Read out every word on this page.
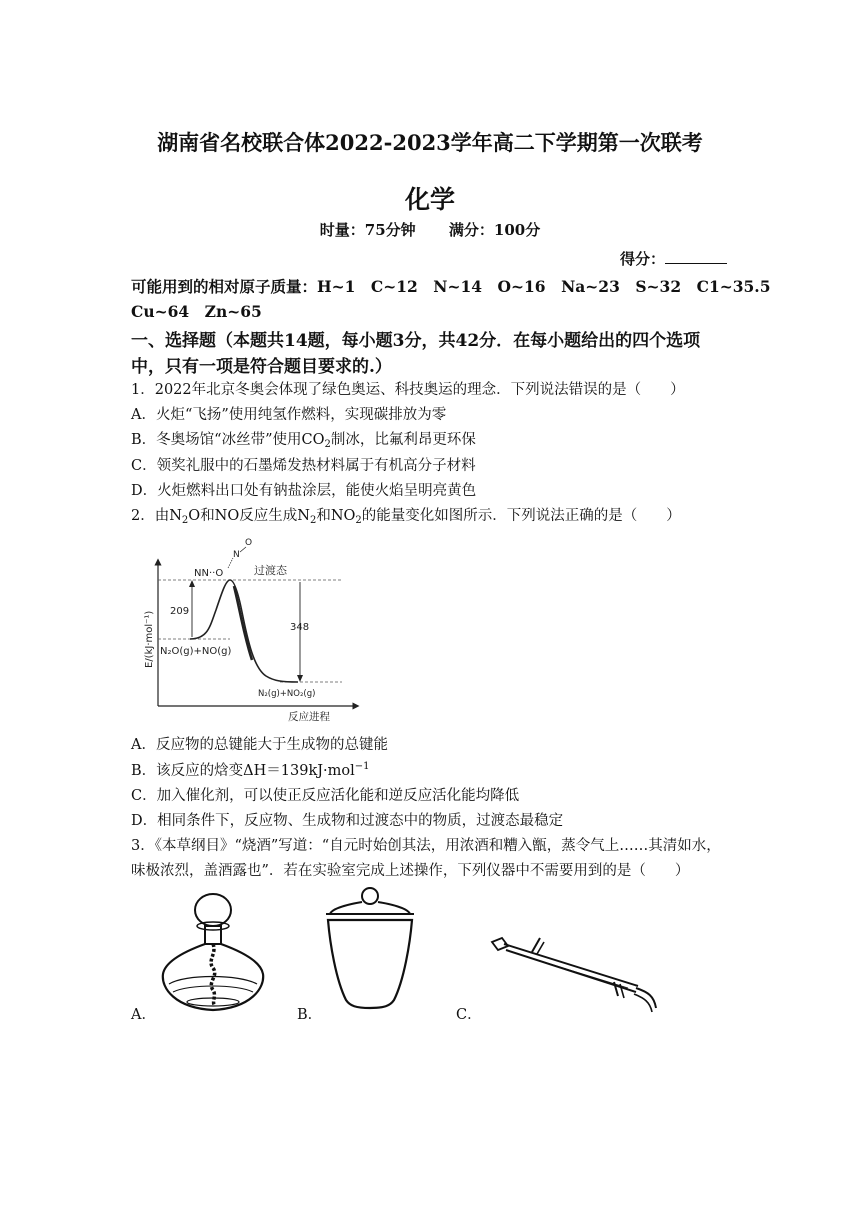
湖南省名校联合体2022-2023学年高二下学期第一次联考
化学
时量：75分钟 满分：100分
得分：
可能用到的相对原子质量：H~1　C~12　N~14　O~16　Na~23　S~32　C1~35.5
Cu~64　Zn~65
一、选择题（本题共14题，每小题3分，共42分．在每小题给出的四个选项
中，只有一项是符合题目要求的.）
1．2022年北京冬奥会体现了绿色奥运、科技奥运的理念．下列说法错误的是（　　）
A．火炬“飞扬”使用纯氢作燃料，实现碳排放为零
B．冬奥场馆“冰丝带”使用$CO_2$制冰，比氟利昂更环保
C．领奖礼服中的石墨烯发热材料属于有机高分子材料
D．火炬燃料出口处有钠盐涂层，能使火焰呈明亮黄色
2．由$N_2O$和NO反应生成$N_2$和$NO_2$的能量变化如图所示．下列说法正确的是（　　）
NN··O
N
O
过渡态
209
348
N₂O(g)+NO(g)
N₂(g)+NO₂(g)
E/(kJ·mol⁻¹)
反应进程
A．反应物的总键能大于生成物的总键能
B．该反应的焓变ΔH＝139kJ·mol$^{-1}$
C．加入催化剂，可以使正反应活化能和逆反应活化能均降低
D．相同条件下，反应物、生成物和过渡态中的物质，过渡态最稳定
3．《本草纲目》“烧酒”写道：“自元时始创其法，用浓酒和糟入甑，蒸令气上……其清如水，
味极浓烈，盖酒露也”．若在实验室完成上述操作，下列仪器中不需要用到的是（　　）
A．	B．	C．
